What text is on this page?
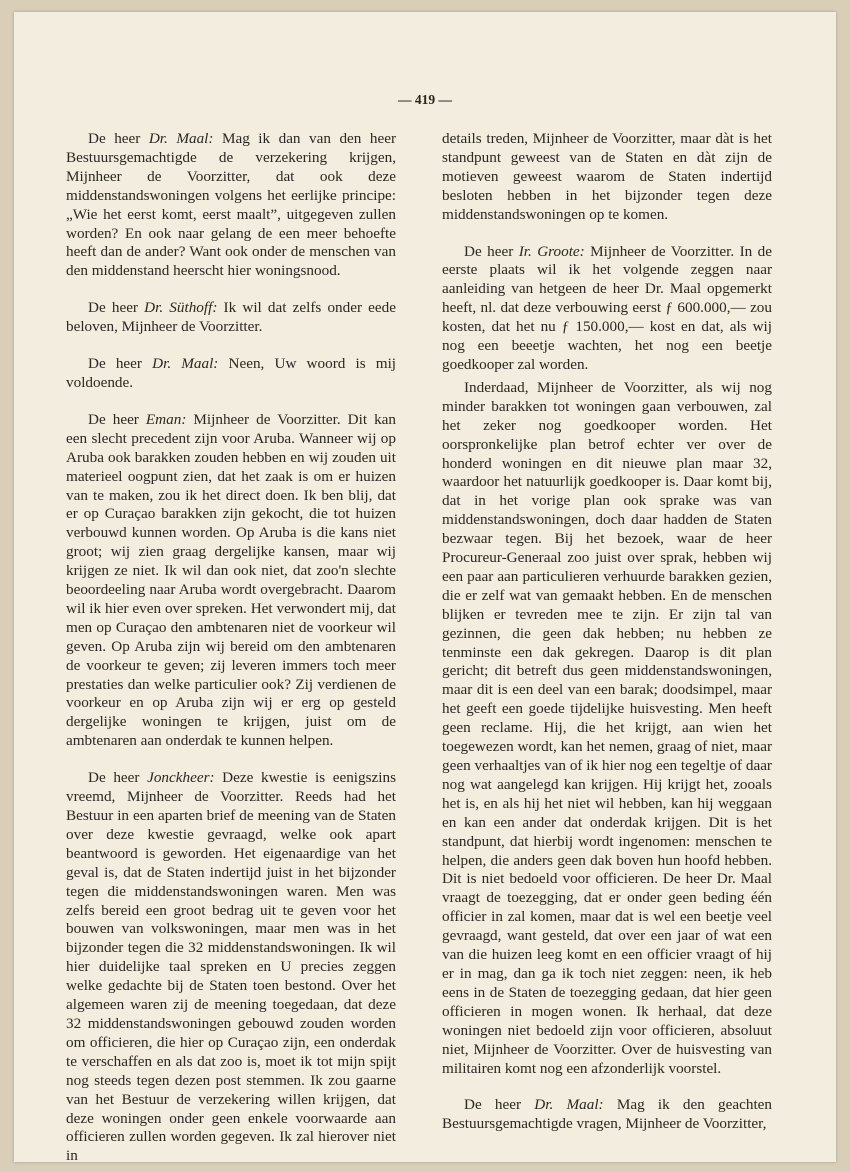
— 419 —

De heer Dr. Maal: Mag ik dan van den heer Bestuursgemachtigde de verzekering krijgen, Mijnheer de Voorzitter, dat ook deze middenstandswoningen volgens het eerlijke principe: „Wie het eerst komt, eerst maalt”, uitgegeven zullen worden? En ook naar gelang de een meer behoefte heeft dan de ander? Want ook onder de menschen van den middenstand heerscht hier woningsnood.

De heer Dr. Süthoff: Ik wil dat zelfs onder eede beloven, Mijnheer de Voorzitter.

De heer Dr. Maal: Neen, Uw woord is mij voldoende.

De heer Eman: Mijnheer de Voorzitter. Dit kan een slecht precedent zijn voor Aruba. Wanneer wij op Aruba ook barakken zouden hebben en wij zouden uit materieel oogpunt zien, dat het zaak is om er huizen van te maken, zou ik het direct doen. Ik ben blij, dat er op Curaçao barakken zijn gekocht, die tot huizen verbouwd kunnen worden. Op Aruba is die kans niet groot; wij zien graag dergelijke kansen, maar wij krijgen ze niet. Ik wil dan ook niet, dat zoo'n slechte beoordeeling naar Aruba wordt overgebracht. Daarom wil ik hier even over spreken. Het verwondert mij, dat men op Curaçao den ambtenaren niet de voorkeur wil geven. Op Aruba zijn wij bereid om den ambtenaren de voorkeur te geven; zij leveren immers toch meer prestaties dan welke particulier ook? Zij verdienen de voorkeur en op Aruba zijn wij er erg op gesteld dergelijke woningen te krijgen, juist om de ambtenaren aan onderdak te kunnen helpen.

De heer Jonckheer: Deze kwestie is eenigszins vreemd, Mijnheer de Voorzitter. Reeds had het Bestuur in een aparten brief de meening van de Staten over deze kwestie gevraagd, welke ook apart beantwoord is geworden. Het eigenaardige van het geval is, dat de Staten indertijd juist in het bijzonder tegen die middenstandswoningen waren. Men was zelfs bereid een groot bedrag uit te geven voor het bouwen van volkswoningen, maar men was in het bijzonder tegen die 32 middenstandswoningen. Ik wil hier duidelijke taal spreken en U precies zeggen welke gedachte bij de Staten toen bestond. Over het algemeen waren zij de meening toegedaan, dat deze 32 middenstandswoningen gebouwd zouden worden om officieren, die hier op Curaçao zijn, een onderdak te verschaffen en als dat zoo is, moet ik tot mijn spijt nog steeds tegen dezen post stemmen. Ik zou gaarne van het Bestuur de verzekering willen krijgen, dat deze woningen onder geen enkele voorwaarde aan officieren zullen worden gegeven. Ik zal hierover niet in

details treden, Mijnheer de Voorzitter, maar dàt is het standpunt geweest van de Staten en dàt zijn de motieven geweest waarom de Staten indertijd besloten hebben in het bijzonder tegen deze middenstandswoningen op te komen.

De heer Ir. Groote: Mijnheer de Voorzitter. In de eerste plaats wil ik het volgende zeggen naar aanleiding van hetgeen de heer Dr. Maal opgemerkt heeft, nl. dat deze verbouwing eerst ƒ 600.000,— zou kosten, dat het nu ƒ 150.000,— kost en dat, als wij nog een beeetje wachten, het nog een beetje goedkooper zal worden.

Inderdaad, Mijnheer de Voorzitter, als wij nog minder barakken tot woningen gaan verbouwen, zal het zeker nog goedkooper worden. Het oorspronkelijke plan betrof echter ver over de honderd woningen en dit nieuwe plan maar 32, waardoor het natuurlijk goedkooper is. Daar komt bij, dat in het vorige plan ook sprake was van middenstandswoningen, doch daar hadden de Staten bezwaar tegen. Bij het bezoek, waar de heer Procureur-Generaal zoo juist over sprak, hebben wij een paar aan particulieren verhuurde barakken gezien, die er zelf wat van gemaakt hebben. En de menschen blijken er tevreden mee te zijn. Er zijn tal van gezinnen, die geen dak hebben; nu hebben ze tenminste een dak gekregen. Daarop is dit plan gericht; dit betreft dus geen middenstandswoningen, maar dit is een deel van een barak; doodsimpel, maar het geeft een goede tijdelijke huisvesting. Men heeft geen reclame. Hij, die het krijgt, aan wien het toegewezen wordt, kan het nemen, graag of niet, maar geen verhaaltjes van of ik hier nog een tegeltje of daar nog wat aangelegd kan krijgen. Hij krijgt het, zooals het is, en als hij het niet wil hebben, kan hij weggaan en kan een ander dat onderdak krijgen. Dit is het standpunt, dat hierbij wordt ingenomen: menschen te helpen, die anders geen dak boven hun hoofd hebben. Dit is niet bedoeld voor officieren. De heer Dr. Maal vraagt de toezegging, dat er onder geen beding één officier in zal komen, maar dat is wel een beetje veel gevraagd, want gesteld, dat over een jaar of wat een van die huizen leeg komt en een officier vraagt of hij er in mag, dan ga ik toch niet zeggen: neen, ik heb eens in de Staten de toezegging gedaan, dat hier geen officieren in mogen wonen. Ik herhaal, dat deze woningen niet bedoeld zijn voor officieren, absoluut niet, Mijnheer de Voorzitter. Over de huisvesting van militairen komt nog een afzonderlijk voorstel.

De heer Dr. Maal: Mag ik den geachten Bestuursgemachtigde vragen, Mijnheer de Voorzitter,
